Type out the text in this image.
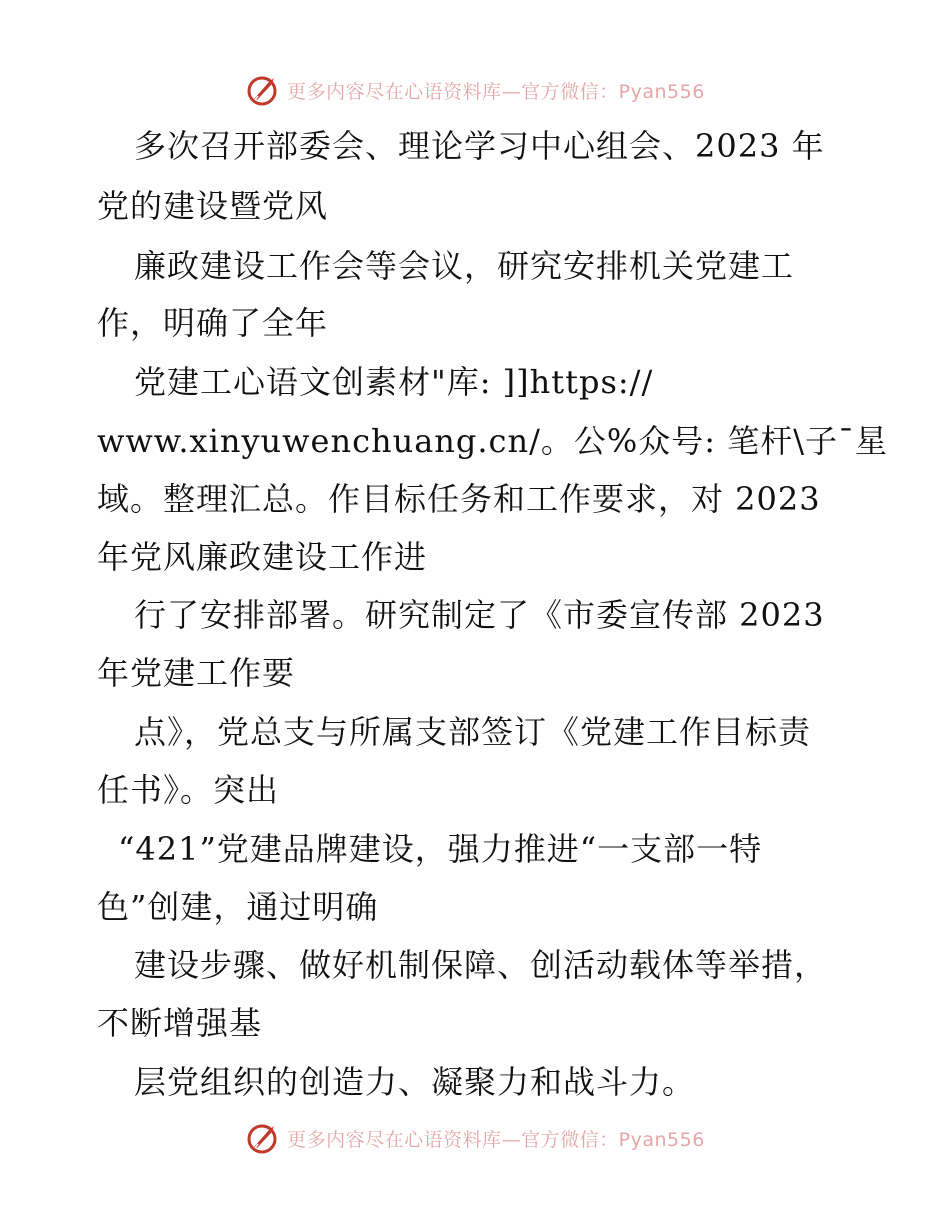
更多内容尽在心语资料库—官方微信：Pyan556
多次召开部委会、理论学习中心组会、2023 年
党的建设暨党风
廉政建设工作会等会议，研究安排机关党建工
作，明确了全年
党建工心语文创素材"库: ]]https://
www.xinyuwenchuang.cn/。公%众号: 笔杆\子¯星
域。整理汇总。作目标任务和工作要求，对 2023
年党风廉政建设工作进
行了安排部署。研究制定了《市委宣传部 2023
年党建工作要
点》，党总支与所属支部签订《党建工作目标责
任书》。突出
“421”党建品牌建设，强力推进“一支部一特
色”创建，通过明确
建设步骤、做好机制保障、创活动载体等举措，
不断增强基
层党组织的创造力、凝聚力和战斗力。
更多内容尽在心语资料库—官方微信：Pyan556
